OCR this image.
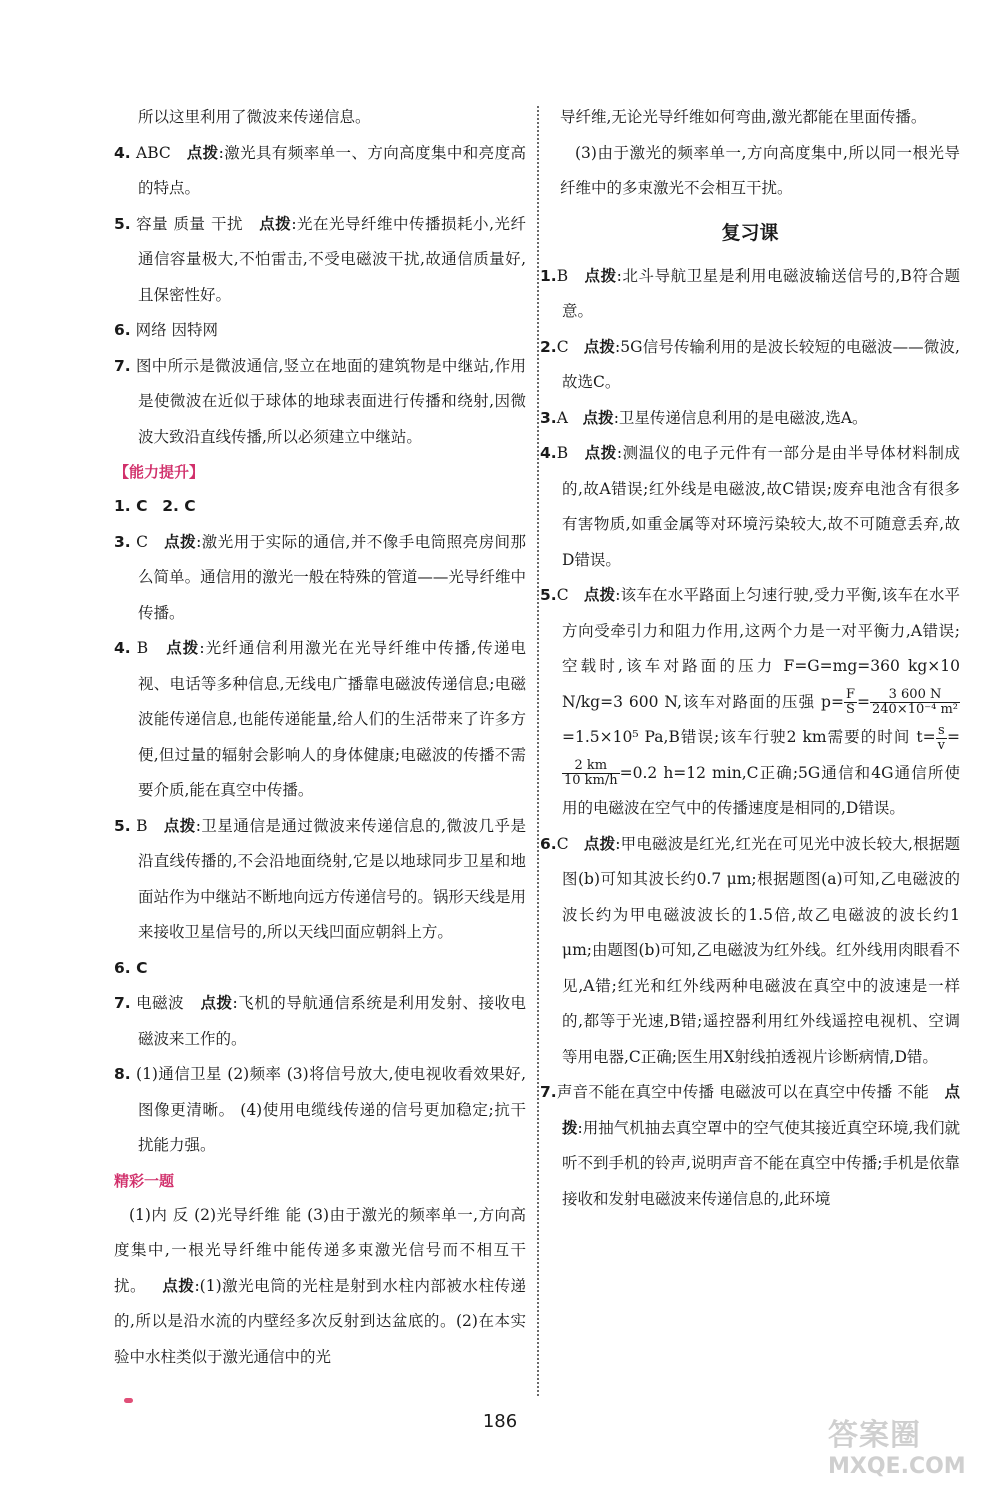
所以这里利用了微波来传递信息。

4. ABC 点拨:激光具有频率单一、方向高度集中和亮度高的特点。

5. 容量 质量 干扰 点拨:光在光导纤维中传播损耗小,光纤通信容量极大,不怕雷击,不受电磁波干扰,故通信质量好,且保密性好。

6. 网络 因特网

7. 图中所示是微波通信,竖立在地面的建筑物是中继站,作用是使微波在近似于球体的地球表面进行传播和绕射,因微波大致沿直线传播,所以必须建立中继站。

【能力提升】

1. C 2. C

3. C 点拨:激光用于实际的通信,并不像手电筒照亮房间那么简单。通信用的激光一般在特殊的管道——光导纤维中传播。

4. B 点拨:光纤通信利用激光在光导纤维中传播,传递电视、电话等多种信息,无线电广播靠电磁波传递信息;电磁波能传递信息,也能传递能量,给人们的生活带来了许多方便,但过量的辐射会影响人的身体健康;电磁波的传播不需要介质,能在真空中传播。

5. B 点拨:卫星通信是通过微波来传递信息的,微波几乎是沿直线传播的,不会沿地面绕射,它是以地球同步卫星和地面站作为中继站不断地向远方传递信号的。锅形天线是用来接收卫星信号的,所以天线凹面应朝斜上方。

6. C

7. 电磁波 点拨:飞机的导航通信系统是利用发射、接收电磁波来工作的。

8. (1)通信卫星 (2)频率 (3)将信号放大,使电视收看效果好,图像更清晰。 (4)使用电缆线传递的信号更加稳定;抗干扰能力强。

精彩一题

(1)内 反 (2)光导纤维 能 (3)由于激光的频率单一,方向高度集中,一根光导纤维中能传递多束激光信号而不相互干扰。 点拨:(1)激光电筒的光柱是射到水柱内部被水柱传递的,所以是沿水流的内壁经多次反射到达盆底的。(2)在本实验中水柱类似于激光通信中的光

导纤维,无论光导纤维如何弯曲,激光都能在里面传播。

(3)由于激光的频率单一,方向高度集中,所以同一根光导纤维中的多束激光不会相互干扰。

复习课

1.B 点拨:北斗导航卫星是利用电磁波输送信号的,B符合题意。

2.C 点拨:5G信号传输利用的是波长较短的电磁波——微波,故选C。

3.A 点拨:卫星传递信息利用的是电磁波,选A。

4.B 点拨:测温仪的电子元件有一部分是由半导体材料制成的,故A错误;红外线是电磁波,故C错误;废弃电池含有很多有害物质,如重金属等对环境污染较大,故不可随意丢弃,故D错误。

5.C 点拨:该车在水平路面上匀速行驶,受力平衡,该车在水平方向受牵引力和阻力作用,这两个力是一对平衡力,A错误;空载时,该车对路面的压力 F=G=mg=360 kg×10 N/kg=3 600 N,该车对路面的压强 $p= \frac{F}{S} = \frac{3 600 N}{\text{240×10⁻⁴ m²}}$
=1.5×10⁵ Pa,B错误;该车行驶2 km需要的时间 $t= \frac{s}{v}$ =
$\frac{2 km}{10 km/h} =0.2$ h=12 min,C正确;5G通信和4G通信所使用的电磁波在空气中的传播速度是相同的,D错误。

6.C 点拨:甲电磁波是红光,红光在可见光中波长较大,根据题图(b)可知其波长约0.7 μm;根据题图(a)可知,乙电磁波的波长约为甲电磁波波长的1.5倍,故乙电磁波的波长约1 μm;由题图(b)可知,乙电磁波为红外线。红外线用肉眼看不见,A错;红光和红外线两种电磁波在真空中的波速是一样的,都等于光速,B错;遥控器利用红外线遥控电视机、空调等用电器,C正确;医生用X射线拍透视片诊断病情,D错。

7.声音不能在真空中传播 电磁波可以在真空中传播 不能 点拨:用抽气机抽去真空罩中的空气使其接近真空环境,我们就听不到手机的铃声,说明声音不能在真空中传播;手机是依靠接收和发射电磁波来传递信息的,此环境

186	答案圈
MXQE.COM
